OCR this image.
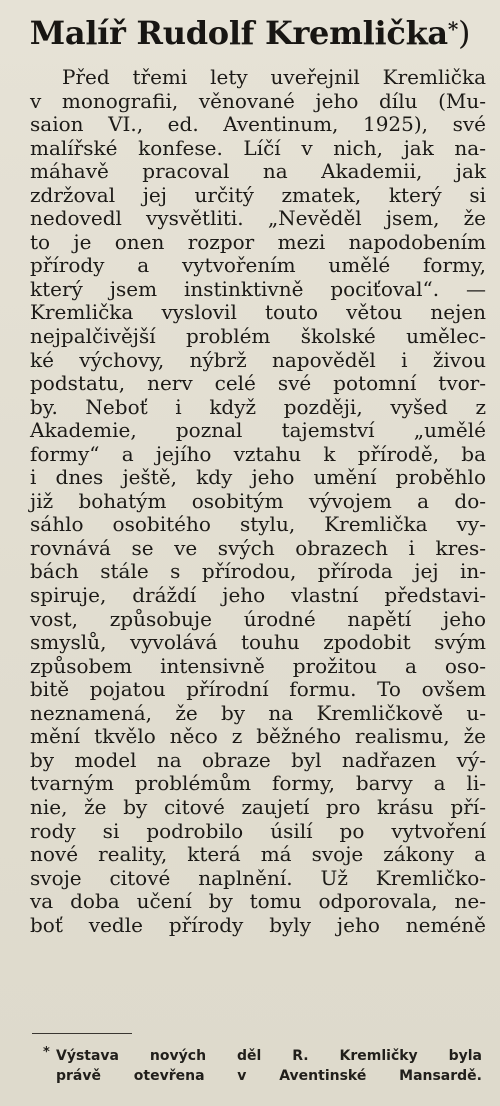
Malíř Rudolf Kremlička*)
Před třemi lety uveřejnil Kremlička
v monografii, věnované jeho dílu (Mu-
saion VI., ed. Aventinum, 1925), své
malířské konfese. Líčí v nich, jak na-
máhavě pracoval na Akademii, jak
zdržoval jej určitý zmatek, který si
nedovedl vysvětliti. „Nevěděl jsem, že
to je onen rozpor mezi napodobením
přírody a vytvořením umělé formy,
který jsem instinktivně pociťoval“. —
Kremlička vyslovil touto větou nejen
nejpalčivější problém školské umělec-
ké výchovy, nýbrž napověděl i živou
podstatu, nerv celé své potomní tvor-
by. Neboť i když později, vyšed z
Akademie, poznal tajemství „umělé
formy“ a jejího vztahu k přírodě, ba
i dnes ještě, kdy jeho umění proběhlo
již bohatým osobitým vývojem a do-
sáhlo osobitého stylu, Kremlička vy-
rovnává se ve svých obrazech i kres-
bách stále s přírodou, příroda jej in-
spiruje, dráždí jeho vlastní představi-
vost, způsobuje úrodné napětí jeho
smyslů, vyvolává touhu zpodobit svým
způsobem intensivně prožitou a oso-
bitě pojatou přírodní formu. To ovšem
neznamená, že by na Kremličkově u-
mění tkvělo něco z běžného realismu, že
by model na obraze byl nadřazen vý-
tvarným problémům formy, barvy a li-
nie, že by citové zaujetí pro krásu pří-
rody si podrobilo úsilí po vytvoření
nové reality, která má svoje zákony a
svoje citové naplnění. Už Kremličko-
va doba učení by tomu odporovala, ne-
boť vedle přírody byly jeho neméně
* Výstava nových děl R. Kremličky byla
právě otevřena v Aventinské Mansardě.
